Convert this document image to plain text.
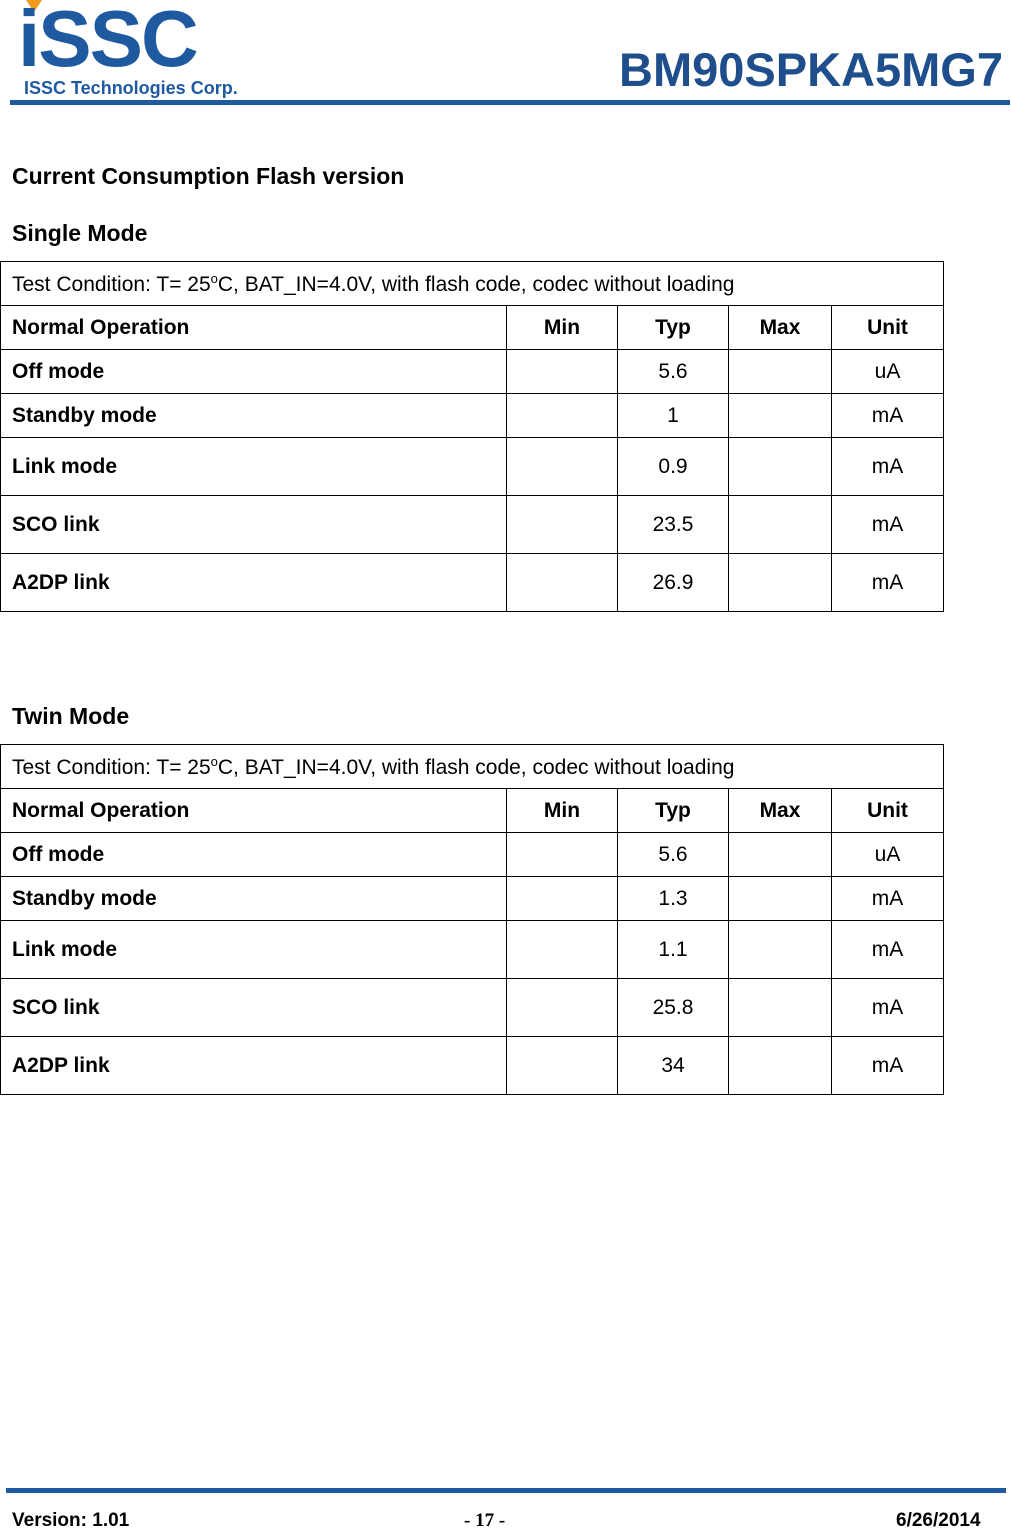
iSSC
ISSC Technologies Corp.	BM90SPKA5MG7
Current Consumption Flash version
Single Mode
Test Condition: $T= 25^oC$, BAT_IN=4.0V, with flash code, codec without loading				
Normal Operation	Min	Typ	Max	Unit
Off mode		5.6		uA
Standby mode		1		mA
Link mode		0.9		mA
SCO link		23.5		mA
A2DP link		26.9		mA
Twin Mode
Test Condition: $T= 25^oC$, BAT_IN=4.0V, with flash code, codec without loading				
Normal Operation	Min	Typ	Max	Unit
Off mode		5.6		uA
Standby mode		1.3		mA
Link mode		1.1		mA
SCO link		25.8		mA
A2DP link		34		mA
Version: 1.01	- 17 -	6/26/2014
